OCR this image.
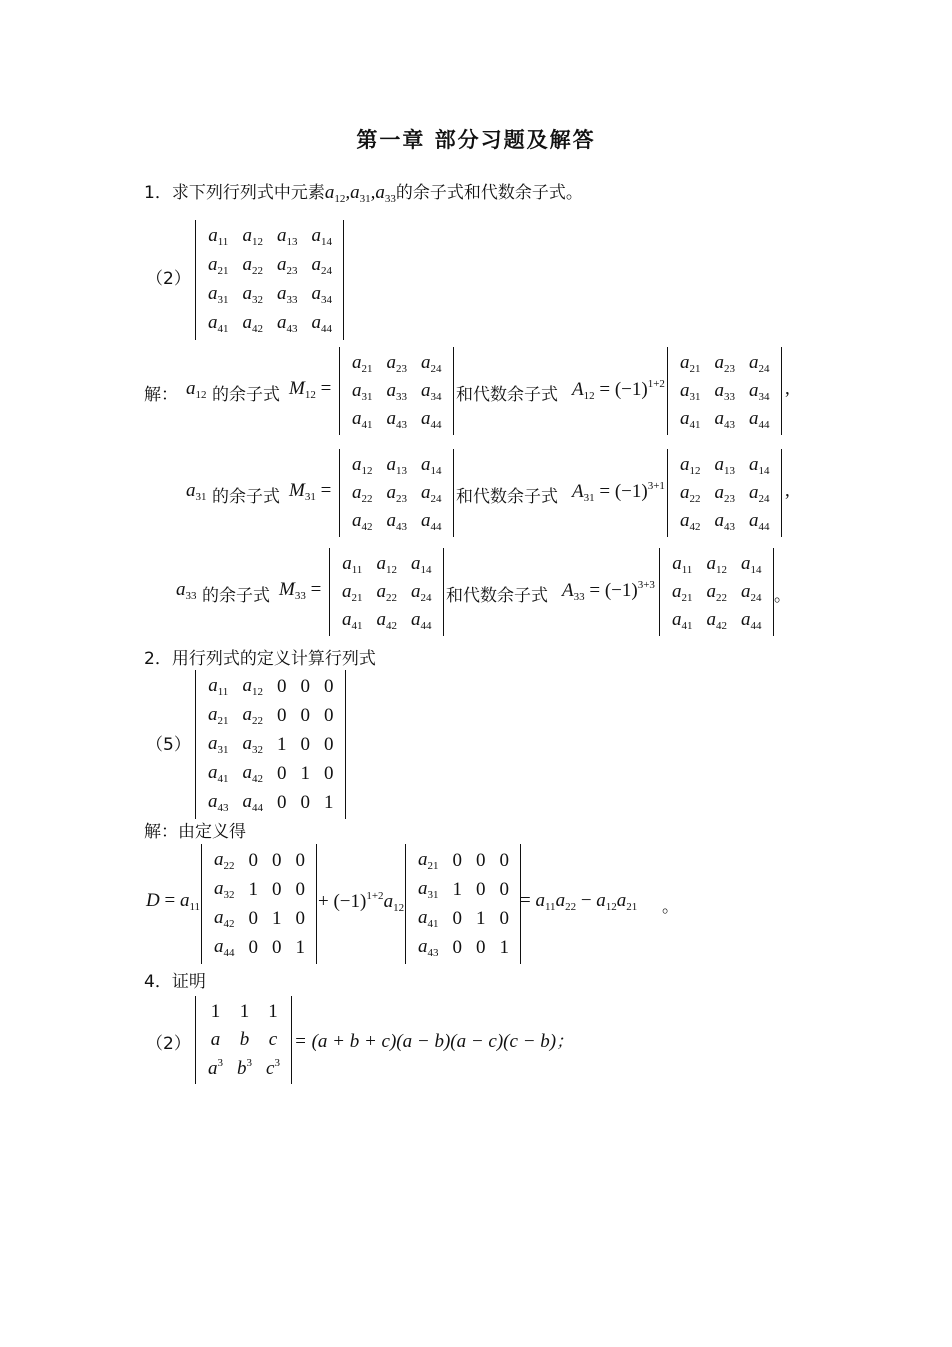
第一章 部分习题及解答
1．求下列行列式中元素$a_{12},a_{31},a_{33}$的余子式和代数余子式。
（2）
$a_{11}$	$a_{12}$	$a_{13}$	$a_{14}$
$a_{21}$	$a_{22}$	$a_{23}$	$a_{24}$
$a_{31}$	$a_{32}$	$a_{33}$	$a_{34}$
$a_{41}$	$a_{42}$	$a_{43}$	$a_{44}$
解： $a_{12}$ 的余子式 $M_{12}$ =
$a_{21}$	$a_{23}$	$a_{24}$
$a_{31}$	$a_{33}$	$a_{34}$
$a_{41}$	$a_{43}$	$a_{44}$
和代数余子式 $A_{12} = (-1)^{1+2}$
$a_{21}$	$a_{23}$	$a_{24}$
$a_{31}$	$a_{33}$	$a_{34}$
$a_{41}$	$a_{43}$	$a_{44}$
,
$a_{31}$ 的余子式 $M_{31}$ =
$a_{12}$	$a_{13}$	$a_{14}$
$a_{22}$	$a_{23}$	$a_{24}$
$a_{42}$	$a_{43}$	$a_{44}$
和代数余子式 $A_{31} = (-1)^{3+1}$
$a_{12}$	$a_{13}$	$a_{14}$
$a_{22}$	$a_{23}$	$a_{24}$
$a_{42}$	$a_{43}$	$a_{44}$
,
$a_{33}$ 的余子式 $M_{33}$ =
$a_{11}$	$a_{12}$	$a_{14}$
$a_{21}$	$a_{22}$	$a_{24}$
$a_{41}$	$a_{42}$	$a_{44}$
和代数余子式 $A_{33} = (-1)^{3+3}$
$a_{11}$	$a_{12}$	$a_{14}$
$a_{21}$	$a_{22}$	$a_{24}$
$a_{41}$	$a_{42}$	$a_{44}$
。
2．用行列式的定义计算行列式
（5）
$a_{11}$	$a_{12}$	0	0	0
$a_{21}$	$a_{22}$	0	0	0
$a_{31}$	$a_{32}$	1	0	0
$a_{41}$	$a_{42}$	0	1	0
$a_{43}$	$a_{44}$	0	0	1
解：由定义得
$D = a_{11}$
$a_{22}$	0	0	0
$a_{32}$	1	0	0
$a_{42}$	0	1	0
$a_{44}$	0	0	1
+ $(-1)^{1+2}a_{12}$
$a_{21}$	0	0	0
$a_{31}$	1	0	0
$a_{41}$	0	1	0
$a_{43}$	0	0	1
= $a_{11}a_{22} - a_{12}a_{21}$ 。
4．证明
（2）
1	1	1
a	b	c
$a^3$	$b^3$	$c^3$
= (a + b + c)(a − b)(a − c)(c − b)；
